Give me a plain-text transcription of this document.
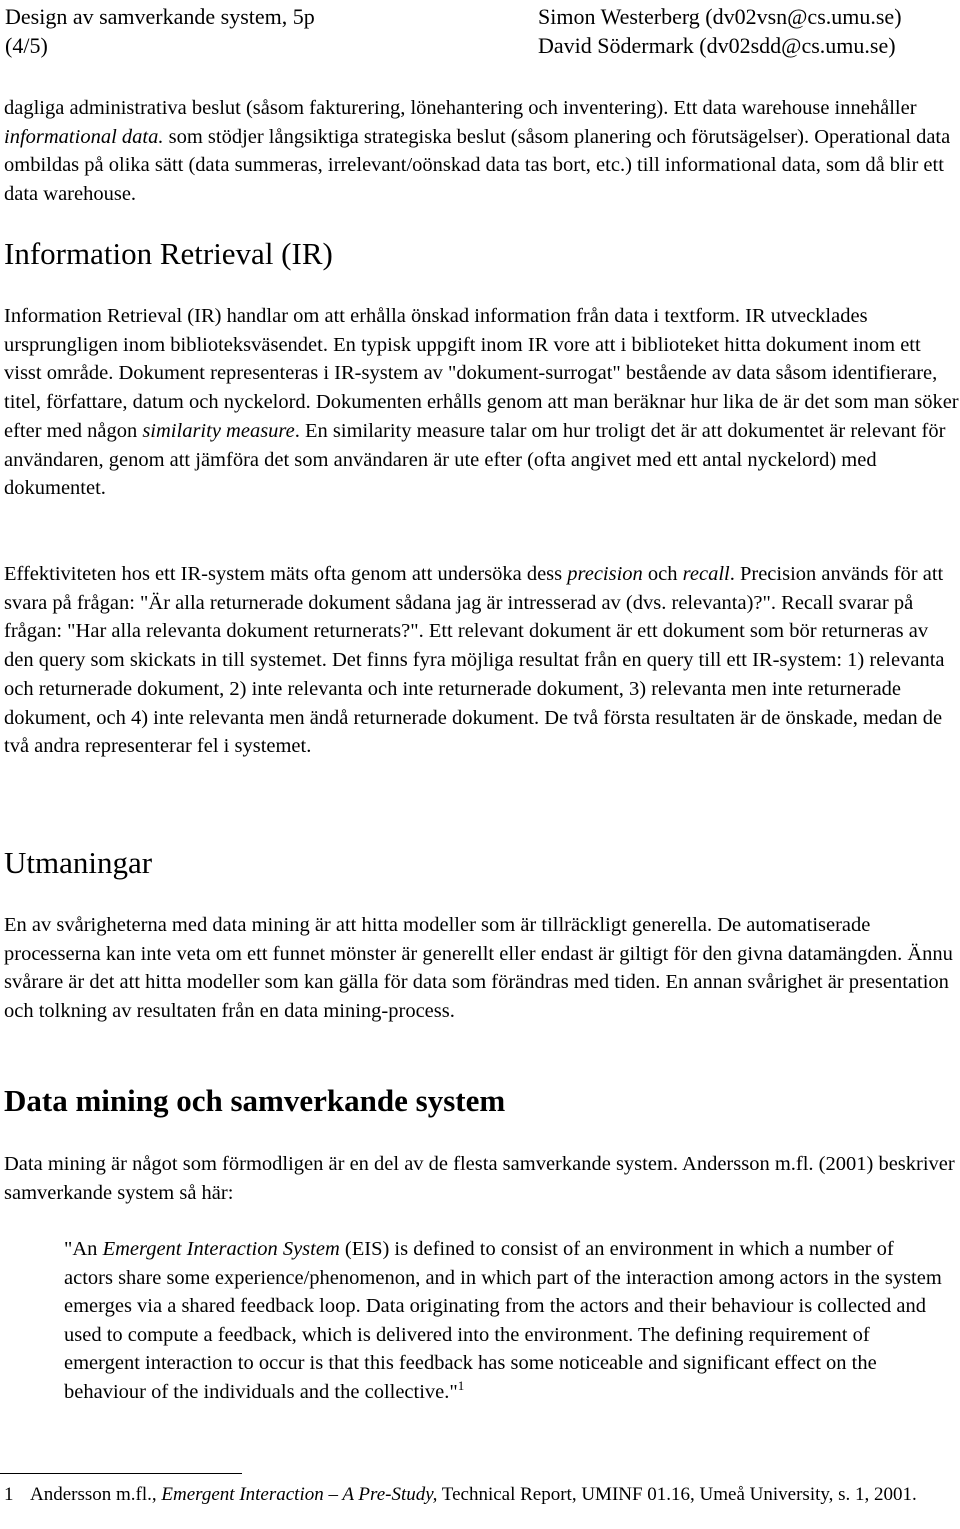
Design av samverkande system, 5p	Simon Westerberg (dv02vsn@cs.umu.se)
(4/5)	David Södermark (dv02sdd@cs.umu.se)

dagliga administrativa beslut (såsom fakturering, lönehantering och inventering). Ett data warehouse innehåller informational data. som stödjer långsiktiga strategiska beslut (såsom planering och förutsägelser). Operational data ombildas på olika sätt (data summeras, irrelevant/oönskad data tas bort, etc.) till informational data, som då blir ett data warehouse.

Information Retrieval (IR)

Information Retrieval (IR) handlar om att erhålla önskad information från data i textform. IR utvecklades ursprungligen inom biblioteksväsendet. En typisk uppgift inom IR vore att i biblioteket hitta dokument inom ett visst område. Dokument representeras i IR-system av "dokument-surrogat" bestående av data såsom identifierare, titel, författare, datum och nyckelord. Dokumenten erhålls genom att man beräknar hur lika de är det som man söker efter med någon similarity measure. En similarity measure talar om hur troligt det är att dokumentet är relevant för användaren, genom att jämföra det som användaren är ute efter (ofta angivet med ett antal nyckelord) med dokumentet.

Effektiviteten hos ett IR-system mäts ofta genom att undersöka dess precision och recall. Precision används för att svara på frågan: "Är alla returnerade dokument sådana jag är intresserad av (dvs. relevanta)?". Recall svarar på frågan: "Har alla relevanta dokument returnerats?". Ett relevant dokument är ett dokument som bör returneras av den query som skickats in till systemet. Det finns fyra möjliga resultat från en query till ett IR-system: 1) relevanta och returnerade dokument, 2) inte relevanta och inte returnerade dokument, 3) relevanta men inte returnerade dokument, och 4) inte relevanta men ändå returnerade dokument. De två första resultaten är de önskade, medan de två andra representerar fel i systemet.

Utmaningar

En av svårigheterna med data mining är att hitta modeller som är tillräckligt generella. De automatiserade processerna kan inte veta om ett funnet mönster är generellt eller endast är giltigt för den givna datamängden. Ännu svårare är det att hitta modeller som kan gälla för data som förändras med tiden. En annan svårighet är presentation och tolkning av resultaten från en data mining-process.

Data mining och samverkande system

Data mining är något som förmodligen är en del av de flesta samverkande system. Andersson m.fl. (2001) beskriver samverkande system så här:

"An Emergent Interaction System (EIS) is defined to consist of an environment in which a number of actors share some experience/phenomenon, and in which part of the interaction among actors in the system emerges via a shared feedback loop. Data originating from the actors and their behaviour is collected and used to compute a feedback, which is delivered into the environment. The defining requirement of emergent interaction to occur is that this feedback has some noticeable and significant effect on the behaviour of the individuals and the collective."$^1$

1 Andersson m.fl., Emergent Interaction – A Pre-Study, Technical Report, UMINF 01.16, Umeå University, s. 1, 2001.
